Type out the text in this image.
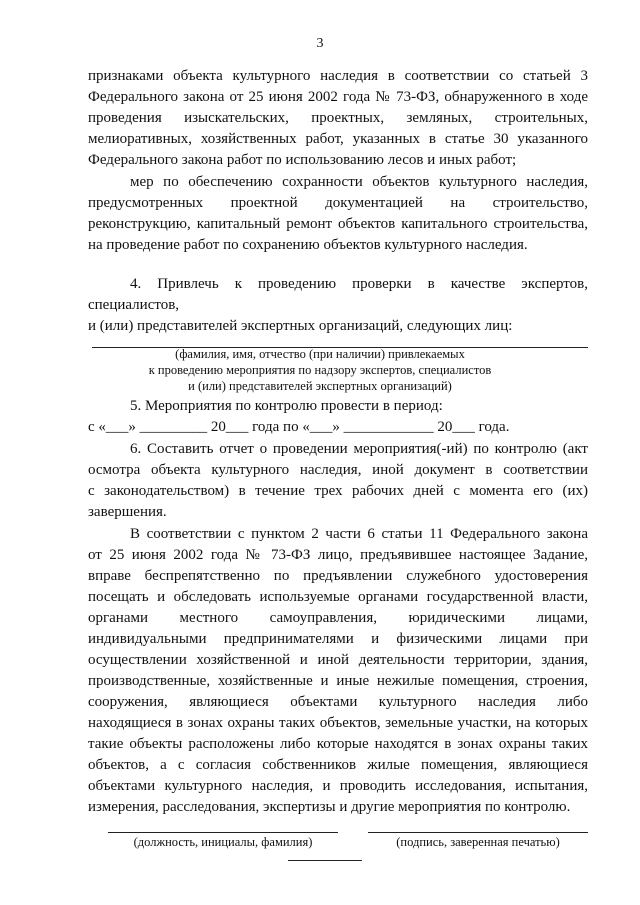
3
признаками объекта культурного наследия в соответствии со статьей 3
Федерального закона от 25 июня 2002 года № 73-ФЗ, обнаруженного в ходе
проведения изыскательских, проектных, земляных, строительных,
мелиоративных, хозяйственных работ, указанных в статье 30 указанного
Федерального закона работ по использованию лесов и иных работ;
мер по обеспечению сохранности объектов культурного наследия,
предусмотренных проектной документацией на строительство,
реконструкцию, капитальный ремонт объектов капитального строительства,
на проведение работ по сохранению объектов культурного наследия.
4. Привлечь к проведению проверки в качестве экспертов,
специалистов,
и (или) представителей экспертных организаций, следующих лиц:
(фамилия, имя, отчество (при наличии) привлекаемых
к проведению мероприятия по надзору экспертов, специалистов
и (или) представителей экспертных организаций)
5. Мероприятия по контролю провести в период:
с «___» _________ 20___ года по «___» ____________ 20___ года.
6. Составить отчет о проведении мероприятия(-ий) по контролю (акт
осмотра объекта культурного наследия, иной документ в соответствии
с законодательством) в течение трех рабочих дней с момента его (их)
завершения.
В соответствии с пунктом 2 части 6 статьи 11 Федерального закона
от 25 июня 2002 года № 73-ФЗ лицо, предъявившее настоящее Задание,
вправе беспрепятственно по предъявлении служебного удостоверения
посещать и обследовать используемые органами государственной власти,
органами местного самоуправления, юридическими лицами,
индивидуальными предпринимателями и физическими лицами при
осуществлении хозяйственной и иной деятельности территории, здания,
производственные, хозяйственные и иные нежилые помещения, строения,
сооружения, являющиеся объектами культурного наследия либо
находящиеся в зонах охраны таких объектов, земельные участки, на которых
такие объекты расположены либо которые находятся в зонах охраны таких
объектов, а с согласия собственников жилые помещения, являющиеся
объектами культурного наследия, и проводить исследования, испытания,
измерения, расследования, экспертизы и другие мероприятия по контролю.
(должность, инициалы, фамилия)	(подпись, заверенная печатью)
